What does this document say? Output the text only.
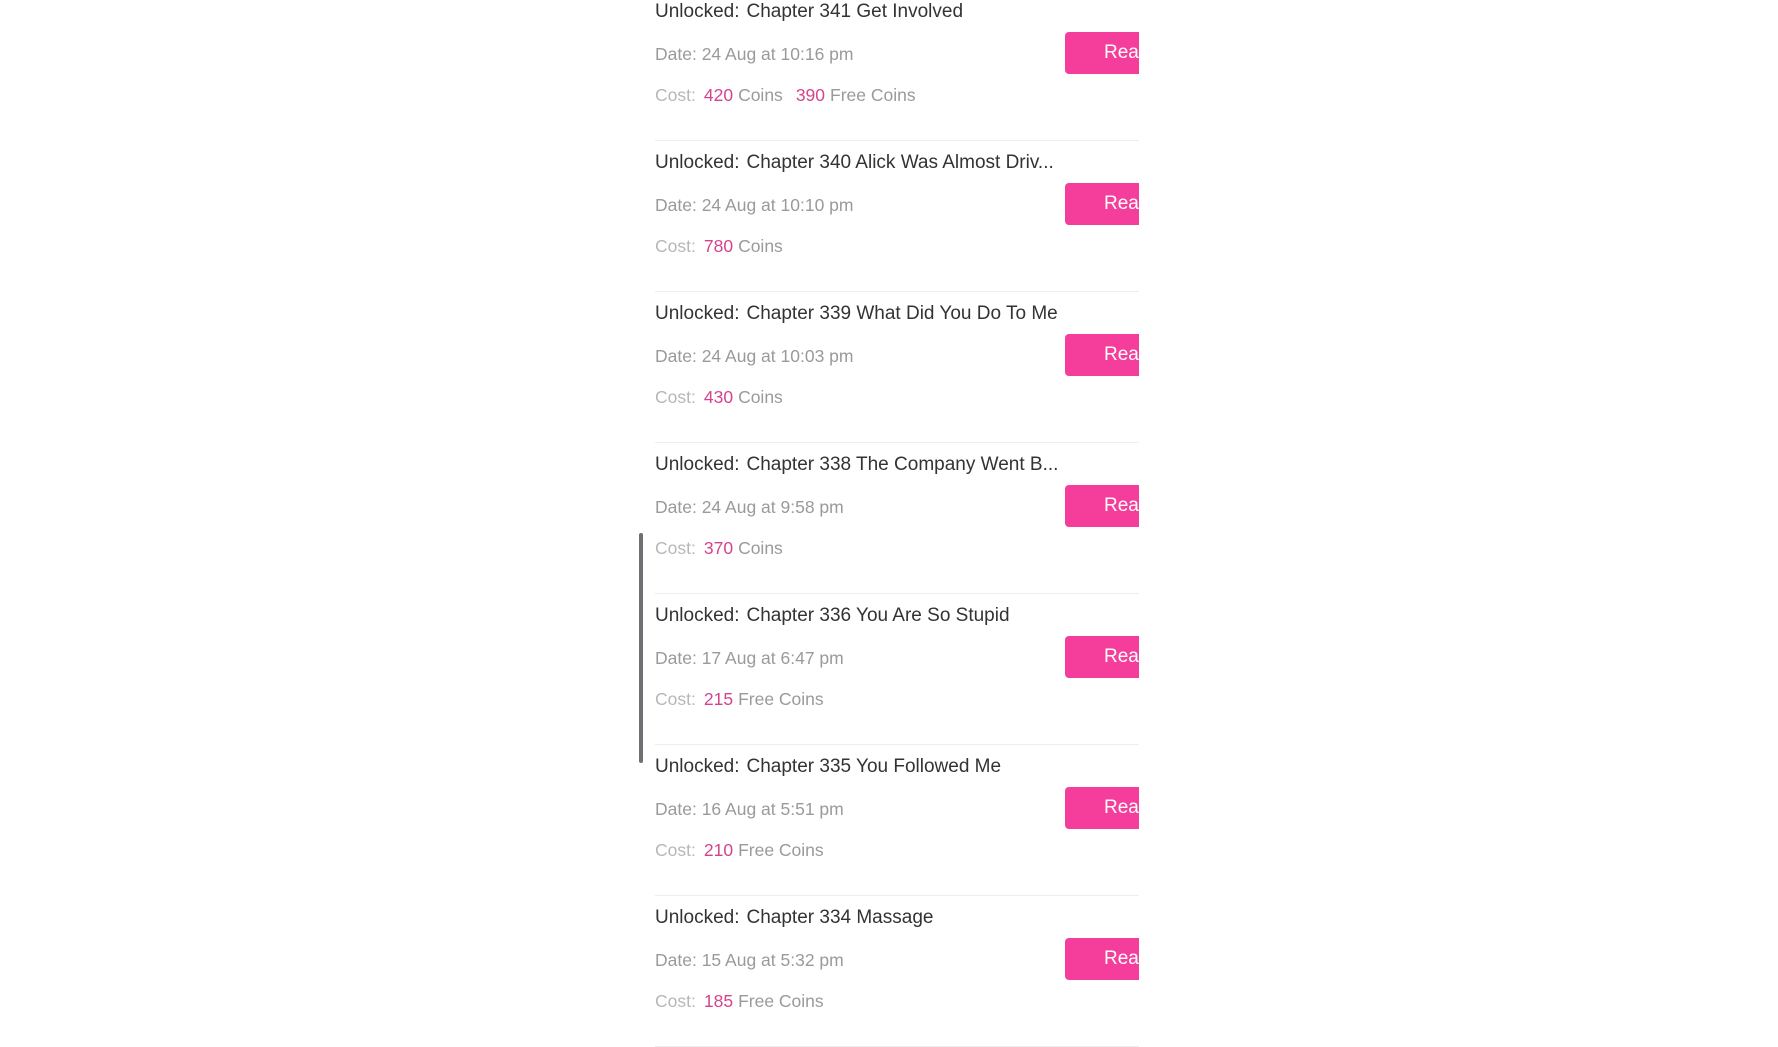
Unlocked: Chapter 341 Get Involved
Date: 24 Aug at 10:16 pm
Cost: 420 Coins 390 Free Coins
Read
Unlocked: Chapter 340 Alick Was Almost Driv...
Date: 24 Aug at 10:10 pm
Cost: 780 Coins
Read
Unlocked: Chapter 339 What Did You Do To Me
Date: 24 Aug at 10:03 pm
Cost: 430 Coins
Read
Unlocked: Chapter 338 The Company Went B...
Date: 24 Aug at 9:58 pm
Cost: 370 Coins
Read
Unlocked: Chapter 336 You Are So Stupid
Date: 17 Aug at 6:47 pm
Cost: 215 Free Coins
Read
Unlocked: Chapter 335 You Followed Me
Date: 16 Aug at 5:51 pm
Cost: 210 Free Coins
Read
Unlocked: Chapter 334 Massage
Date: 15 Aug at 5:32 pm
Cost: 185 Free Coins
Read
